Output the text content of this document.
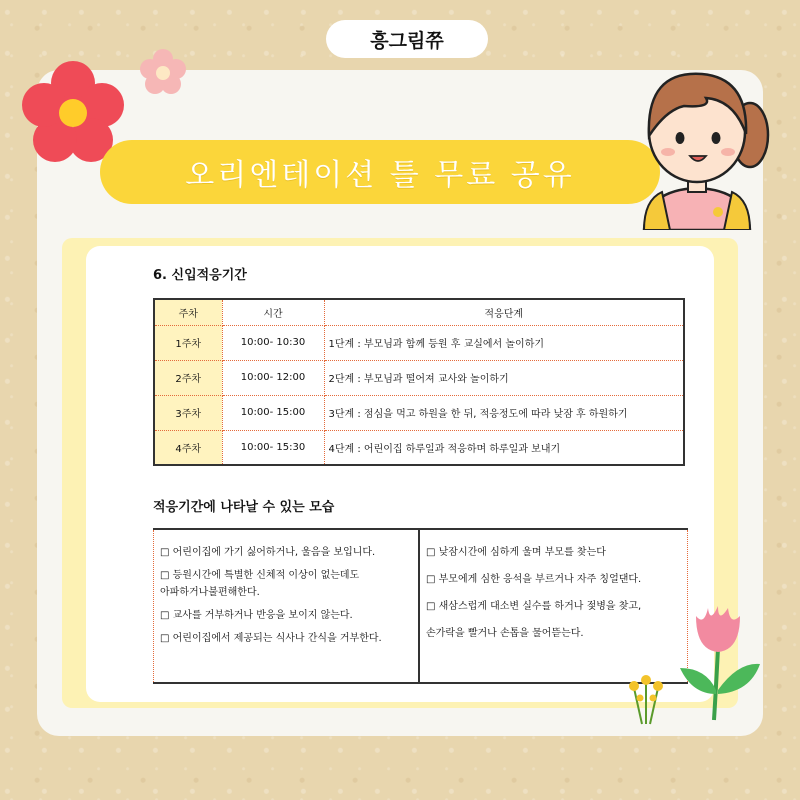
흥그림쮸
오리엔테이션 틀 무료 공유
6. 신입적응기간
주차	시간	적응단계
1주차	10:00- 10:30	1단계 : 부모님과 함께 등원 후 교실에서 놀이하기
2주차	10:00- 12:00	2단계 : 부모님과 떨어져 교사와 놀이하기
3주차	10:00- 15:00	3단계 : 점심을 먹고 하원을 한 뒤, 적응정도에 따라 낮잠 후 하원하기
4주차	10:00- 15:30	4단계 : 어린이집 하루일과 적응하며 하루일과 보내기
적응기간에 나타날 수 있는 모습
□ 어린이집에 가기 싫어하거나, 울음을 보입니다.
□ 등원시간에 특별한 신체적 이상이 없는데도
아파하거나불편해한다.
□ 교사를 거부하거나 반응을 보이지 않는다.
□ 어린이집에서 제공되는 식사나 간식을 거부한다.
□ 낮잠시간에 심하게 울며 부모를 찾는다
□ 부모에게 심한 응석을 부르거나 자주 칭얼댄다.
□ 새삼스럽게 대소변 실수를 하거나 젖병을 찾고,
손가락을 빨거나 손톱을 물어뜯는다.
